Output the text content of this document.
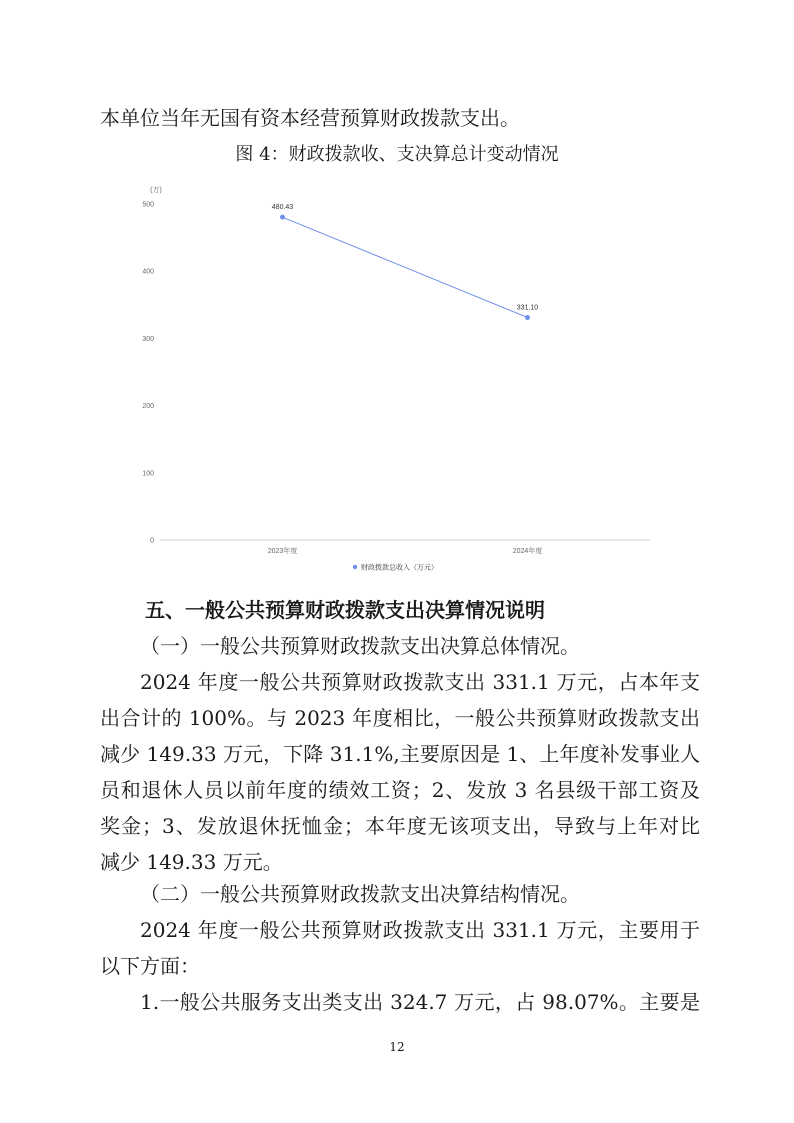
本单位当年无国有资本经营预算财政拨款支出。

图 4：财政拨款收、支决算总计变动情况

(万)
0
100
200
300
400
500
2023年度	2024年度
480.43
331.10
财政拨款总收入（万元）

五、一般公共预算财政拨款支出决算情况说明

（一）一般公共预算财政拨款支出决算总体情况。

2024 年度一般公共预算财政拨款支出 331.1 万元，占本年支

出合计的 100%。与 2023 年度相比，一般公共预算财政拨款支出

减少 149.33 万元，下降 31.1%,主要原因是 1、上年度补发事业人

员和退休人员以前年度的绩效工资；2、发放 3 名县级干部工资及

奖金；3、发放退休抚恤金；本年度无该项支出，导致与上年对比

减少 149.33 万元。

（二）一般公共预算财政拨款支出决算结构情况。

2024 年度一般公共预算财政拨款支出 331.1 万元，主要用于

以下方面：

1.一般公共服务支出类支出 324.7 万元，占 98.07%。主要是

12
